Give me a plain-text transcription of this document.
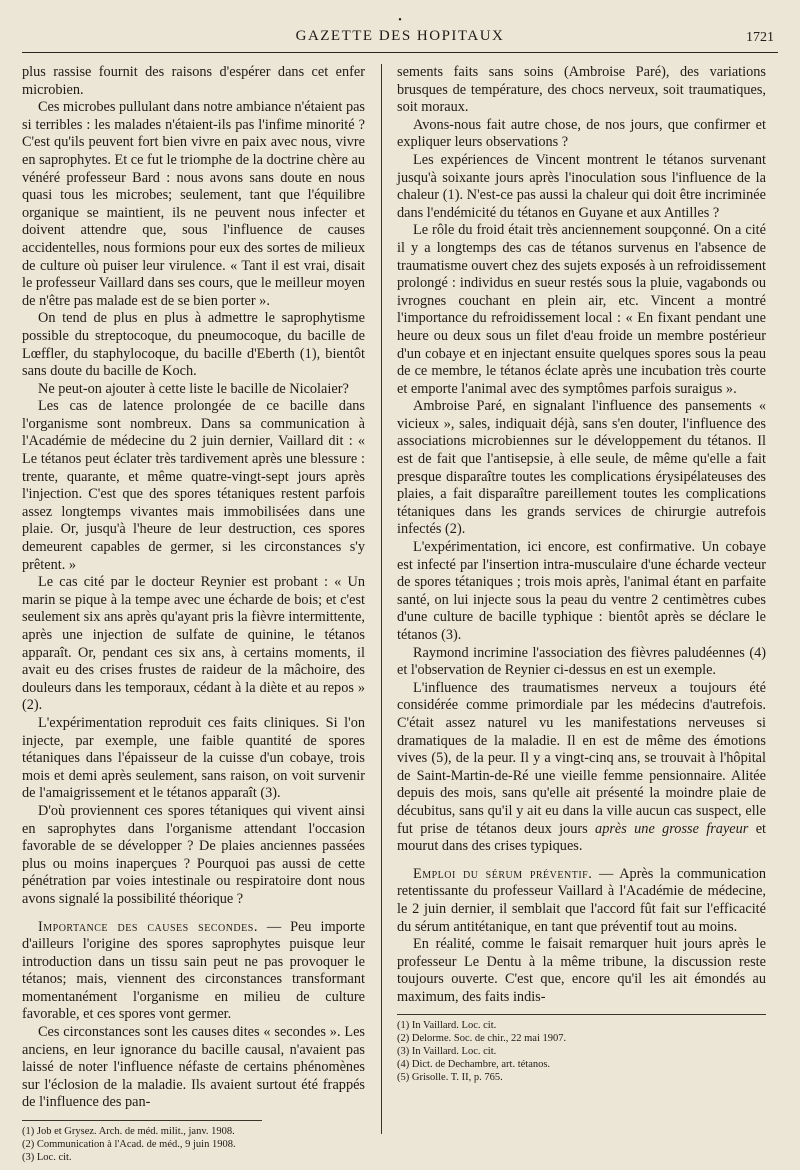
•
GAZETTE DES HOPITAUX	1721

plus rassise fournit des raisons d'espérer dans cet enfer microbien.

Ces microbes pullulant dans notre ambiance n'étaient pas si terribles : les malades n'étaient-ils pas l'infime minorité ? C'est qu'ils peuvent fort bien vivre en paix avec nous, vivre en saprophytes. Et ce fut le triomphe de la doctrine chère au vénéré professeur Bard : nous avons sans doute en nous quasi tous les microbes; seulement, tant que l'équilibre organique se maintient, ils ne peuvent nous infecter et doivent attendre que, sous l'influence de causes accidentelles, nous formions pour eux des sortes de milieux de culture où puiser leur virulence. « Tant il est vrai, disait le professeur Vaillard dans ses cours, que le meilleur moyen de n'être pas malade est de se bien porter ».

On tend de plus en plus à admettre le saprophytisme possible du streptocoque, du pneumocoque, du bacille de Lœffler, du staphylocoque, du bacille d'Eberth (1), bientôt sans doute du bacille de Koch.

Ne peut-on ajouter à cette liste le bacille de Nicolaier?

Les cas de latence prolongée de ce bacille dans l'organisme sont nombreux. Dans sa communication à l'Académie de médecine du 2 juin dernier, Vaillard dit : « Le tétanos peut éclater très tardivement après une blessure : trente, quarante, et même quatre-vingt-sept jours après l'injection. C'est que des spores tétaniques restent parfois assez longtemps vivantes mais immobilisées dans une plaie. Or, jusqu'à l'heure de leur destruction, ces spores demeurent capables de germer, si les circonstances s'y prêtent. »

Le cas cité par le docteur Reynier est probant : « Un marin se pique à la tempe avec une écharde de bois; et c'est seulement six ans après qu'ayant pris la fièvre intermittente, après une injection de sulfate de quinine, le tétanos apparaît. Or, pendant ces six ans, à certains moments, il avait eu des crises frustes de raideur de la mâchoire, des douleurs dans les temporaux, cédant à la diète et au repos » (2).

L'expérimentation reproduit ces faits cliniques. Si l'on injecte, par exemple, une faible quantité de spores tétaniques dans l'épaisseur de la cuisse d'un cobaye, trois mois et demi après seulement, sans raison, on voit survenir de l'amaigrissement et le tétanos apparaît (3).

D'où proviennent ces spores tétaniques qui vivent ainsi en saprophytes dans l'organisme attendant l'occasion favorable de se développer ? De plaies anciennes passées plus ou moins inaperçues ? Pourquoi pas aussi de cette pénétration par voies intestinale ou respiratoire dont nous avons signalé la possibilité théorique ?

Importance des causes secondes. — Peu importe d'ailleurs l'origine des spores saprophytes puisque leur introduction dans un tissu sain peut ne pas provoquer le tétanos; mais, viennent des circonstances transformant momentanément l'organisme en milieu de culture favorable, et ces spores vont germer.

Ces circonstances sont les causes dites « secondes ». Les anciens, en leur ignorance du bacille causal, n'avaient pas laissé de noter l'influence néfaste de certains phénomènes sur l'éclosion de la maladie. Ils avaient surtout été frappés de l'influence des pan-

(1) Job et Grysez. Arch. de méd. milit., janv. 1908.

(2) Communication à l'Acad. de méd., 9 juin 1908.

(3) Loc. cit.

sements faits sans soins (Ambroise Paré), des variations brusques de température, des chocs nerveux, soit traumatiques, soit moraux.

Avons-nous fait autre chose, de nos jours, que confirmer et expliquer leurs observations ?

Les expériences de Vincent montrent le tétanos survenant jusqu'à soixante jours après l'inoculation sous l'influence de la chaleur (1). N'est-ce pas aussi la chaleur qui doit être incriminée dans l'endémicité du tétanos en Guyane et aux Antilles ?

Le rôle du froid était très anciennement soupçonné. On a cité il y a longtemps des cas de tétanos survenus en l'absence de traumatisme ouvert chez des sujets exposés à un refroidissement prolongé : individus en sueur restés sous la pluie, vagabonds ou ivrognes couchant en plein air, etc. Vincent a montré l'importance du refroidissement local : « En fixant pendant une heure ou deux sous un filet d'eau froide un membre postérieur d'un cobaye et en injectant ensuite quelques spores sous la peau de ce membre, le tétanos éclate après une incubation très courte et emporte l'animal avec des symptômes parfois suraigus ».

Ambroise Paré, en signalant l'influence des pansements « vicieux », sales, indiquait déjà, sans s'en douter, l'influence des associations microbiennes sur le développement du tétanos. Il est de fait que l'antisepsie, à elle seule, de même qu'elle a fait presque disparaître toutes les complications érysipélateuses des plaies, a fait disparaître pareillement toutes les complications tétaniques dans les grands services de chirurgie autrefois infectés (2).

L'expérimentation, ici encore, est confirmative. Un cobaye est infecté par l'insertion intra-musculaire d'une écharde vecteur de spores tétaniques ; trois mois après, l'animal étant en parfaite santé, on lui injecte sous la peau du ventre 2 centimètres cubes d'une culture de bacille typhique : bientôt après se déclare le tétanos (3).

Raymond incrimine l'association des fièvres paludéennes (4) et l'observation de Reynier ci-dessus en est un exemple.

L'influence des traumatismes nerveux a toujours été considérée comme primordiale par les médecins d'autrefois. C'était assez naturel vu les manifestations nerveuses si dramatiques de la maladie. Il en est de même des émotions vives (5), de la peur. Il y a vingt-cinq ans, se trouvait à l'hôpital de Saint-Martin-de-Ré une vieille femme pensionnaire. Alitée depuis des mois, sans qu'elle ait présenté la moindre plaie de décubitus, sans qu'il y ait eu dans la ville aucun cas suspect, elle fut prise de tétanos deux jours après une grosse frayeur et mourut dans des crises typiques.

Emploi du sérum préventif. — Après la communication retentissante du professeur Vaillard à l'Académie de médecine, le 2 juin dernier, il semblait que l'accord fût fait sur l'efficacité du sérum antitétanique, en tant que préventif tout au moins.

En réalité, comme le faisait remarquer huit jours après le professeur Le Dentu à la même tribune, la discussion reste toujours ouverte. C'est que, encore qu'il les ait émondés au maximum, des faits indis-

(1) In Vaillard. Loc. cit.

(2) Delorme. Soc. de chir., 22 mai 1907.

(3) In Vaillard. Loc. cit.

(4) Dict. de Dechambre, art. tétanos.

(5) Grisolle. T. II, p. 765.
